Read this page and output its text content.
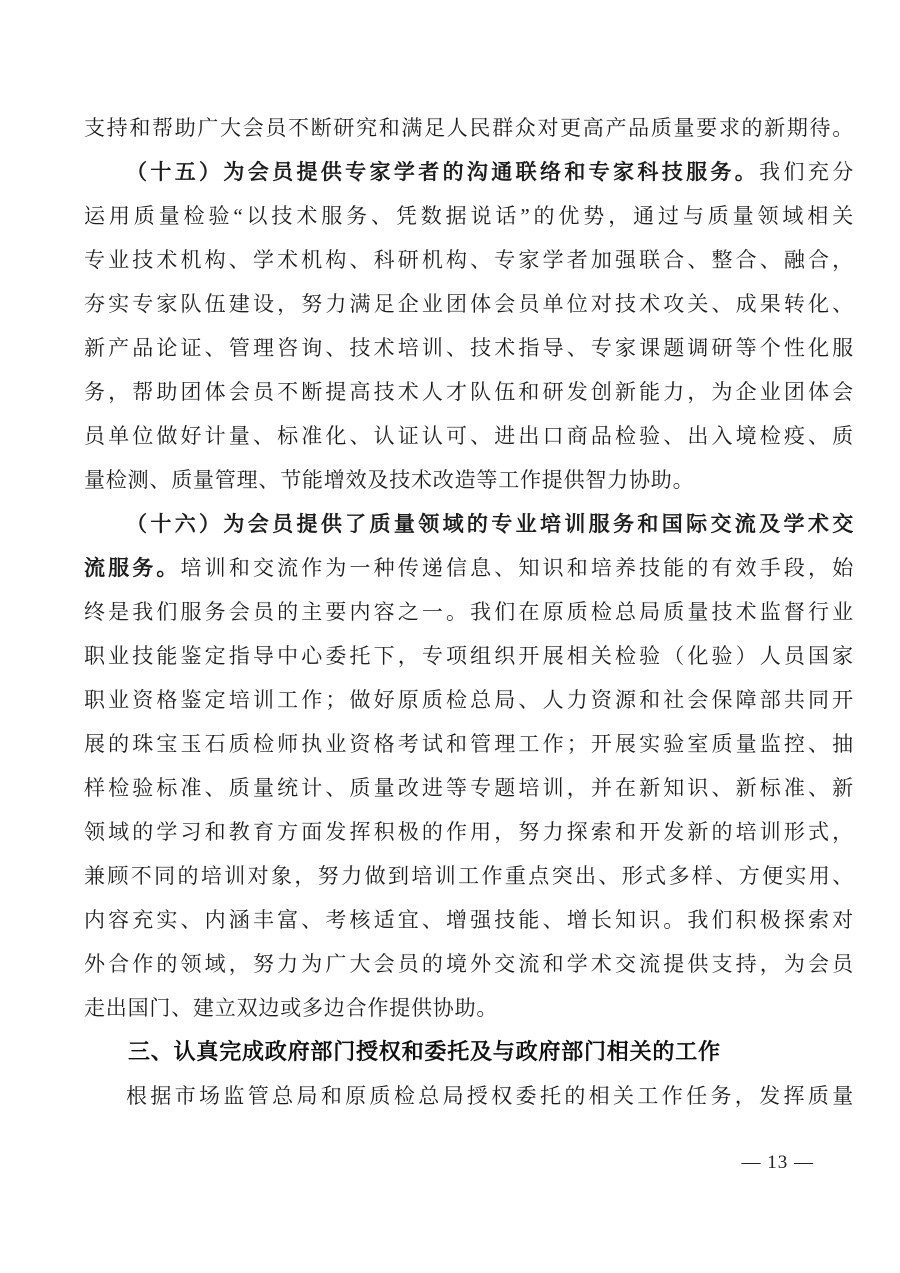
支持和帮助广大会员不断研究和满足人民群众对更高产品质量要求的新期待。
（十五）为会员提供专家学者的沟通联络和专家科技服务。我们充分
运用质量检验“以技术服务、凭数据说话”的优势，通过与质量领域相关
专业技术机构、学术机构、科研机构、专家学者加强联合、整合、融合，
夯实专家队伍建设，努力满足企业团体会员单位对技术攻关、成果转化、
新产品论证、管理咨询、技术培训、技术指导、专家课题调研等个性化服
务，帮助团体会员不断提高技术人才队伍和研发创新能力，为企业团体会
员单位做好计量、标准化、认证认可、进出口商品检验、出入境检疫、质
量检测、质量管理、节能增效及技术改造等工作提供智力协助。
（十六）为会员提供了质量领域的专业培训服务和国际交流及学术交
流服务。培训和交流作为一种传递信息、知识和培养技能的有效手段，始
终是我们服务会员的主要内容之一。我们在原质检总局质量技术监督行业
职业技能鉴定指导中心委托下，专项组织开展相关检验（化验）人员国家
职业资格鉴定培训工作；做好原质检总局、人力资源和社会保障部共同开
展的珠宝玉石质检师执业资格考试和管理工作；开展实验室质量监控、抽
样检验标准、质量统计、质量改进等专题培训，并在新知识、新标准、新
领域的学习和教育方面发挥积极的作用，努力探索和开发新的培训形式，
兼顾不同的培训对象，努力做到培训工作重点突出、形式多样、方便实用、
内容充实、内涵丰富、考核适宜、增强技能、增长知识。我们积极探索对
外合作的领域，努力为广大会员的境外交流和学术交流提供支持，为会员
走出国门、建立双边或多边合作提供协助。
三、认真完成政府部门授权和委托及与政府部门相关的工作
根据市场监管总局和原质检总局授权委托的相关工作任务，发挥质量
— 13 —
